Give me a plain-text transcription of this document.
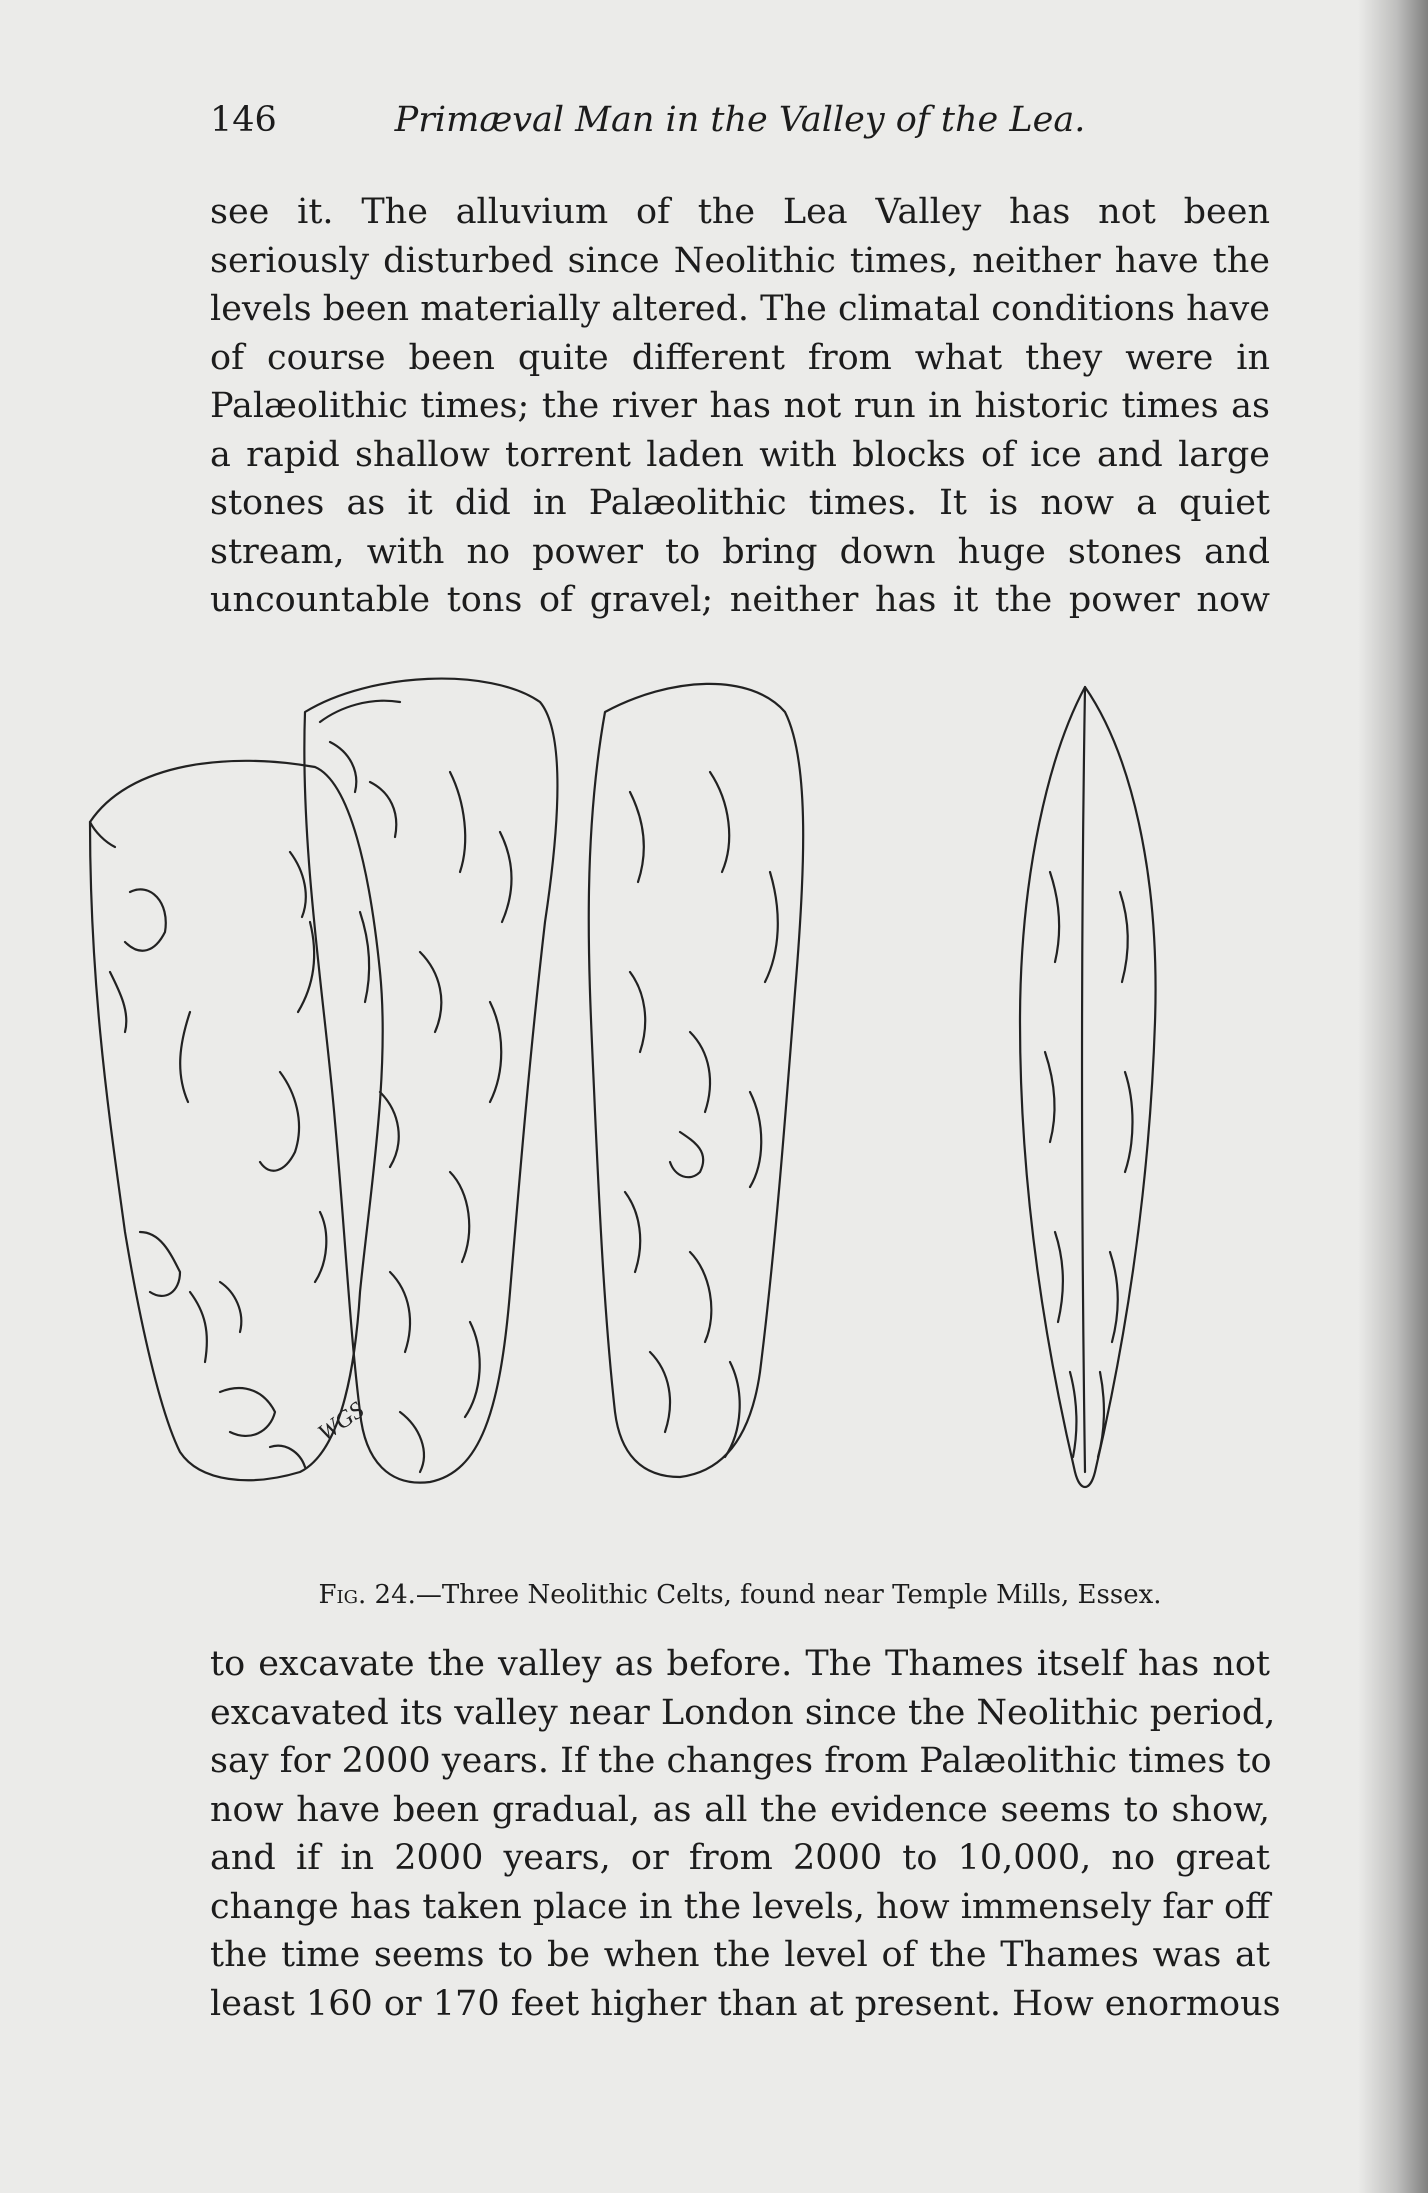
146	Primæval Man in the Valley of the Lea.
see it. The alluvium of the Lea Valley has not been
seriously disturbed since Neolithic times, neither have the
levels been materially altered. The climatal conditions have
of course been quite different from what they were in
Palæolithic times; the river has not run in historic times as
a rapid shallow torrent laden with blocks of ice and large
stones as it did in Palæolithic times. It is now a quiet
stream, with no power to bring down huge stones and
uncountable tons of gravel; neither has it the power now
WGS
Fig. 24.—Three Neolithic Celts, found near Temple Mills, Essex.
to excavate the valley as before. The Thames itself has not
excavated its valley near London since the Neolithic period,
say for 2000 years. If the changes from Palæolithic times to
now have been gradual, as all the evidence seems to show,
and if in 2000 years, or from 2000 to 10,000, no great
change has taken place in the levels, how immensely far off
the time seems to be when the level of the Thames was at
least 160 or 170 feet higher than at present. How enormous
